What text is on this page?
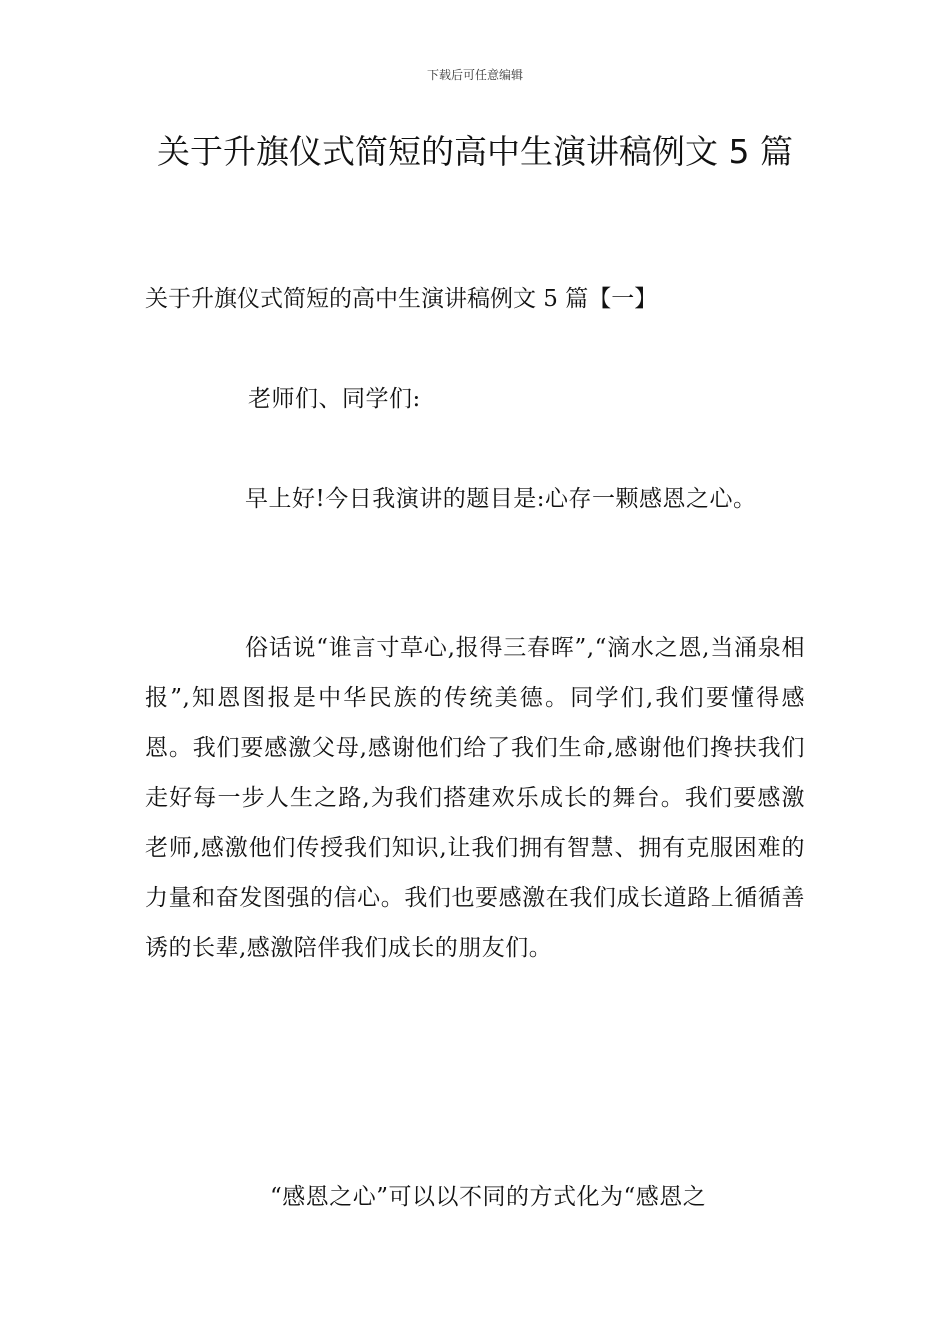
下载后可任意编辑
关于升旗仪式简短的高中生演讲稿例文 5 篇
关于升旗仪式简短的高中生演讲稿例文 5 篇【一】

老师们、同学们:

早上好!今日我演讲的题目是:心存一颗感恩之心。

俗话说“谁言寸草心,报得三春晖”,“滴水之恩,当涌泉相报”,知恩图报是中华民族的传统美德。同学们,我们要懂得感恩。我们要感激父母,感谢他们给了我们生命,感谢他们搀扶我们走好每一步人生之路,为我们搭建欢乐成长的舞台。我们要感激老师,感激他们传授我们知识,让我们拥有智慧、拥有克服困难的力量和奋发图强的信心。我们也要感激在我们成长道路上循循善诱的长辈,感激陪伴我们成长的朋友们。

“感恩之心”可以以不同的方式化为“感恩之
